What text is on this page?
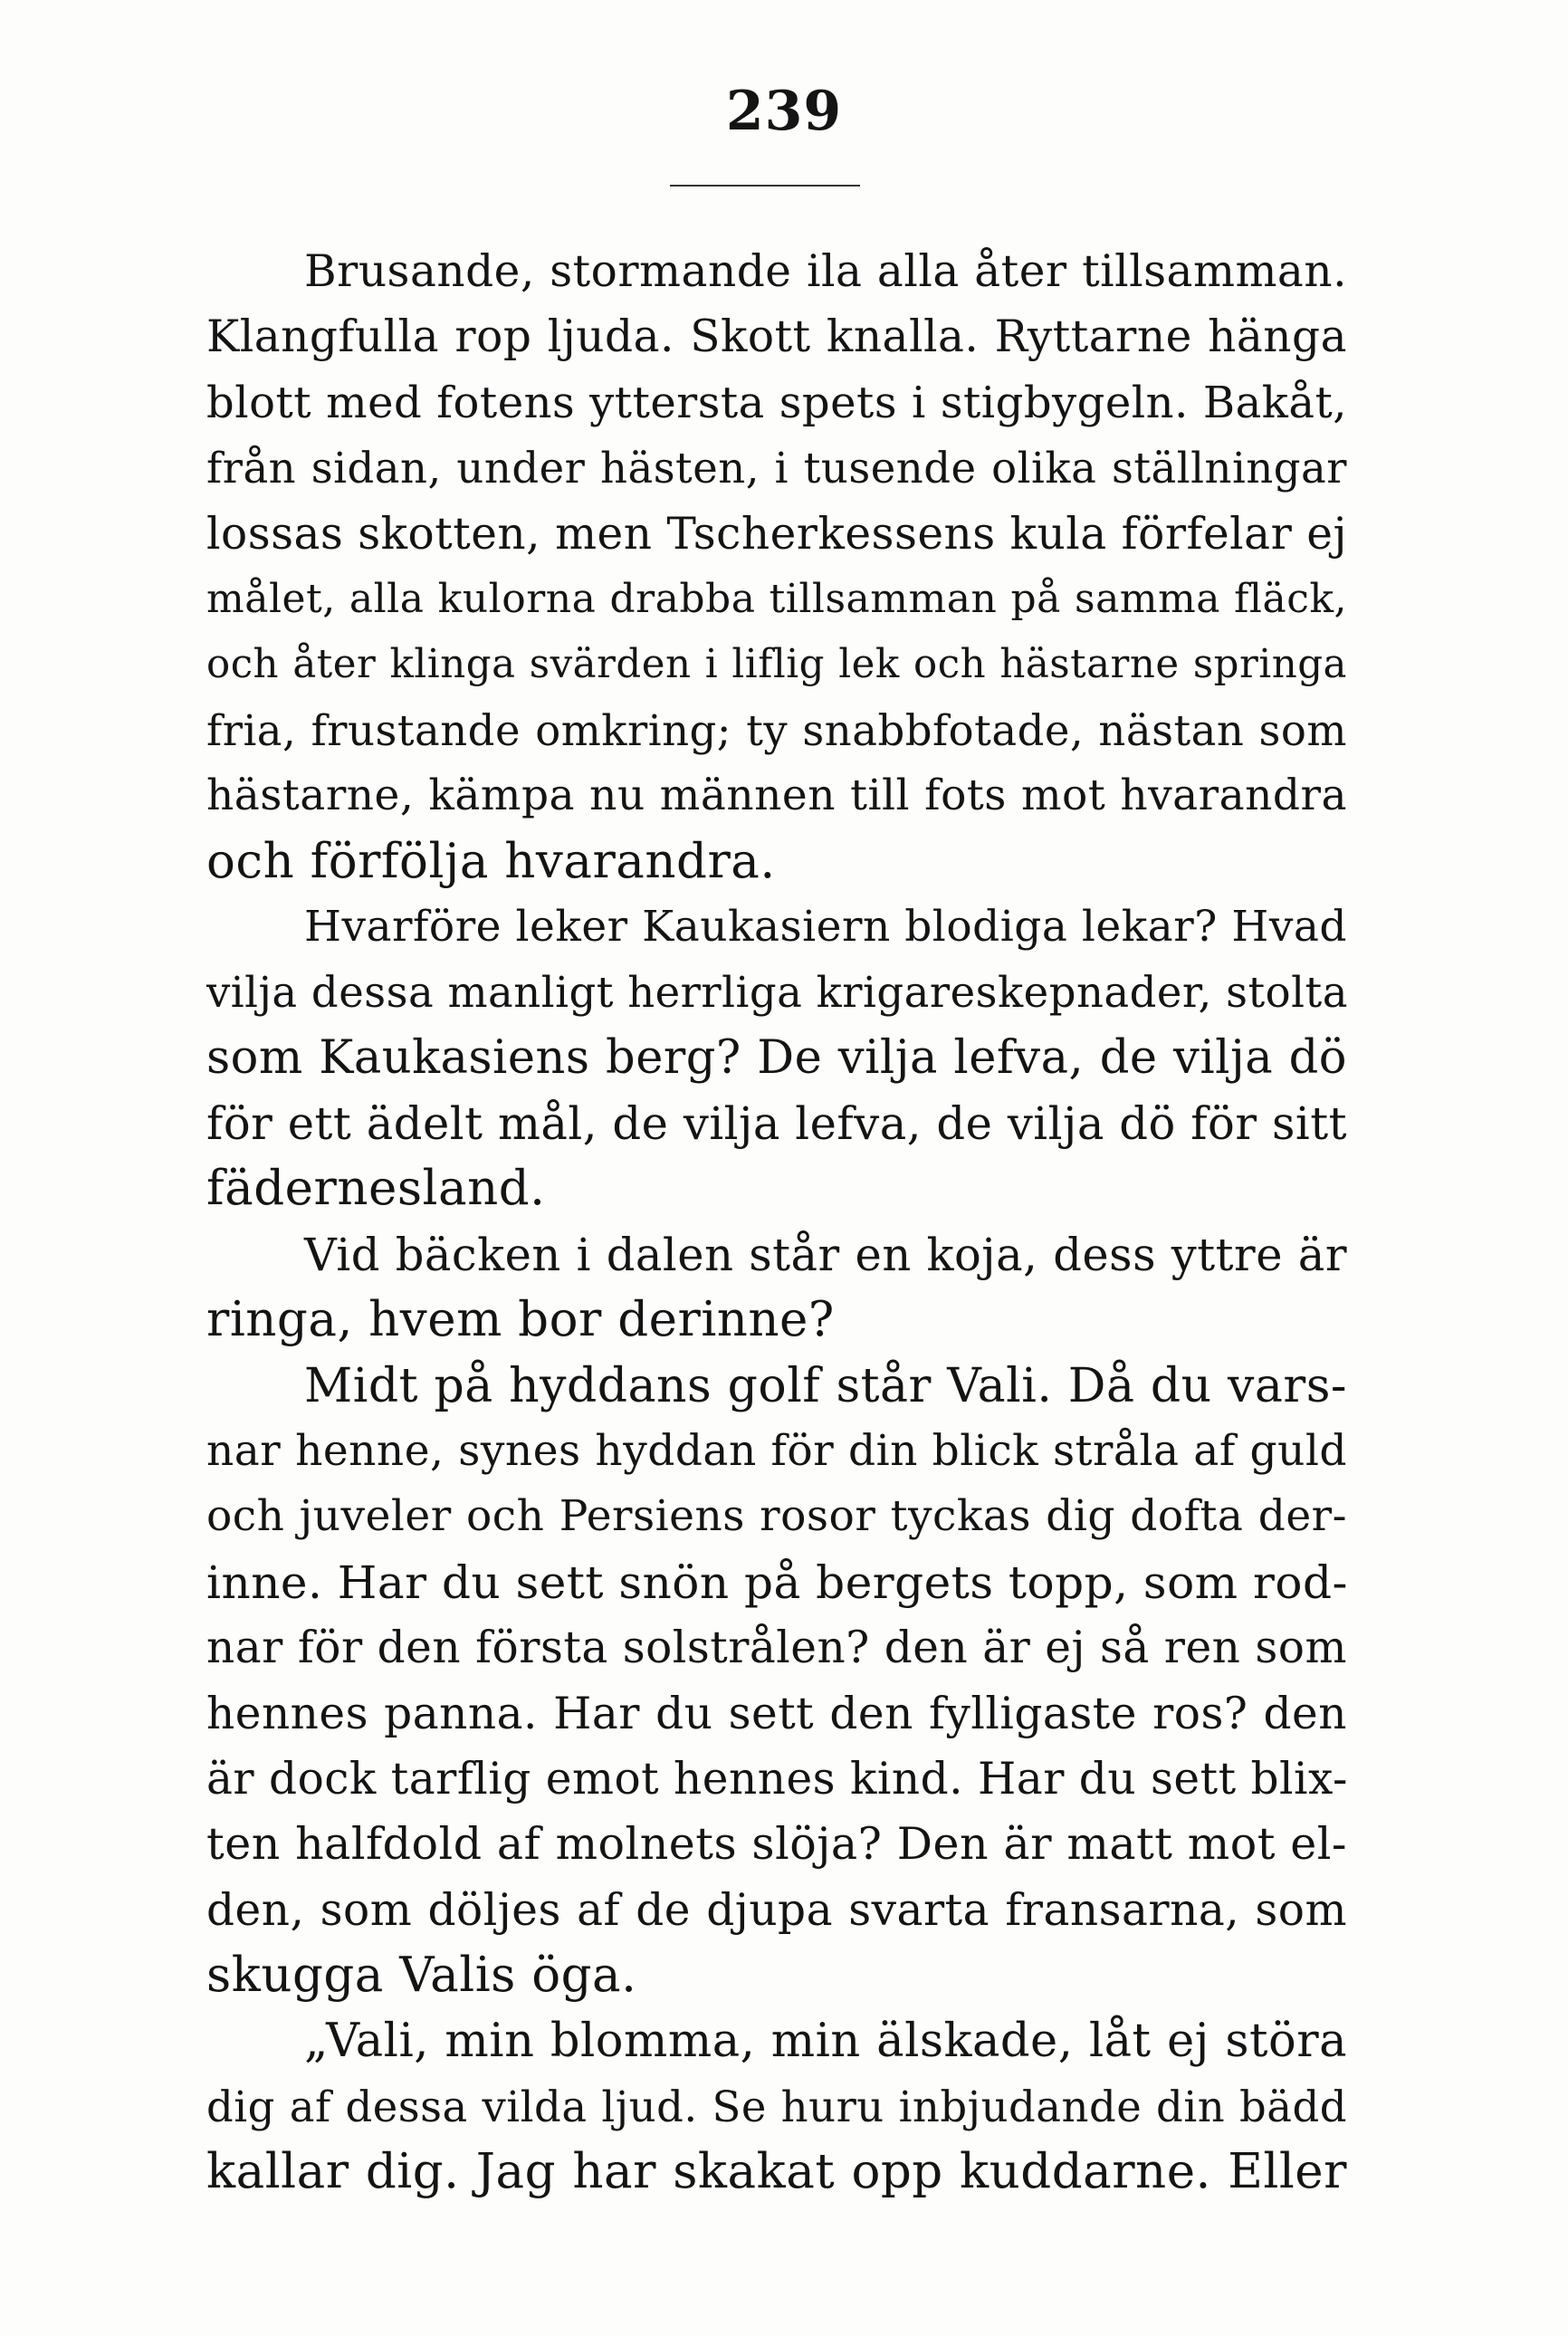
239
Brusande, stormande ila alla åter tillsamman.
Klangfulla rop ljuda. Skott knalla. Ryttarne hänga
blott med fotens yttersta spets i stigbygeln. Bakåt,
från sidan, under hästen, i tusende olika ställningar
lossas skotten, men Tscherkessens kula förfelar ej
målet, alla kulorna drabba tillsamman på samma fläck,
och åter klinga svärden i liflig lek och hästarne springa
fria, frustande omkring; ty snabbfotade, nästan som
hästarne, kämpa nu männen till fots mot hvarandra
och förfölja hvarandra.
Hvarföre leker Kaukasiern blodiga lekar? Hvad
vilja dessa manligt herrliga krigareskepnader, stolta
som Kaukasiens berg? De vilja lefva, de vilja dö
för ett ädelt mål, de vilja lefva, de vilja dö för sitt
fädernesland.
Vid bäcken i dalen står en koja, dess yttre är
ringa, hvem bor derinne?
Midt på hyddans golf står Vali. Då du vars-
nar henne, synes hyddan för din blick stråla af guld
och juveler och Persiens rosor tyckas dig dofta der-
inne. Har du sett snön på bergets topp, som rod-
nar för den första solstrålen? den är ej så ren som
hennes panna. Har du sett den fylligaste ros? den
är dock tarflig emot hennes kind. Har du sett blix-
ten halfdold af molnets slöja? Den är matt mot el-
den, som döljes af de djupa svarta fransarna, som
skugga Valis öga.
„Vali, min blomma, min älskade, låt ej störa
dig af dessa vilda ljud. Se huru inbjudande din bädd
kallar dig. Jag har skakat opp kuddarne. Eller
